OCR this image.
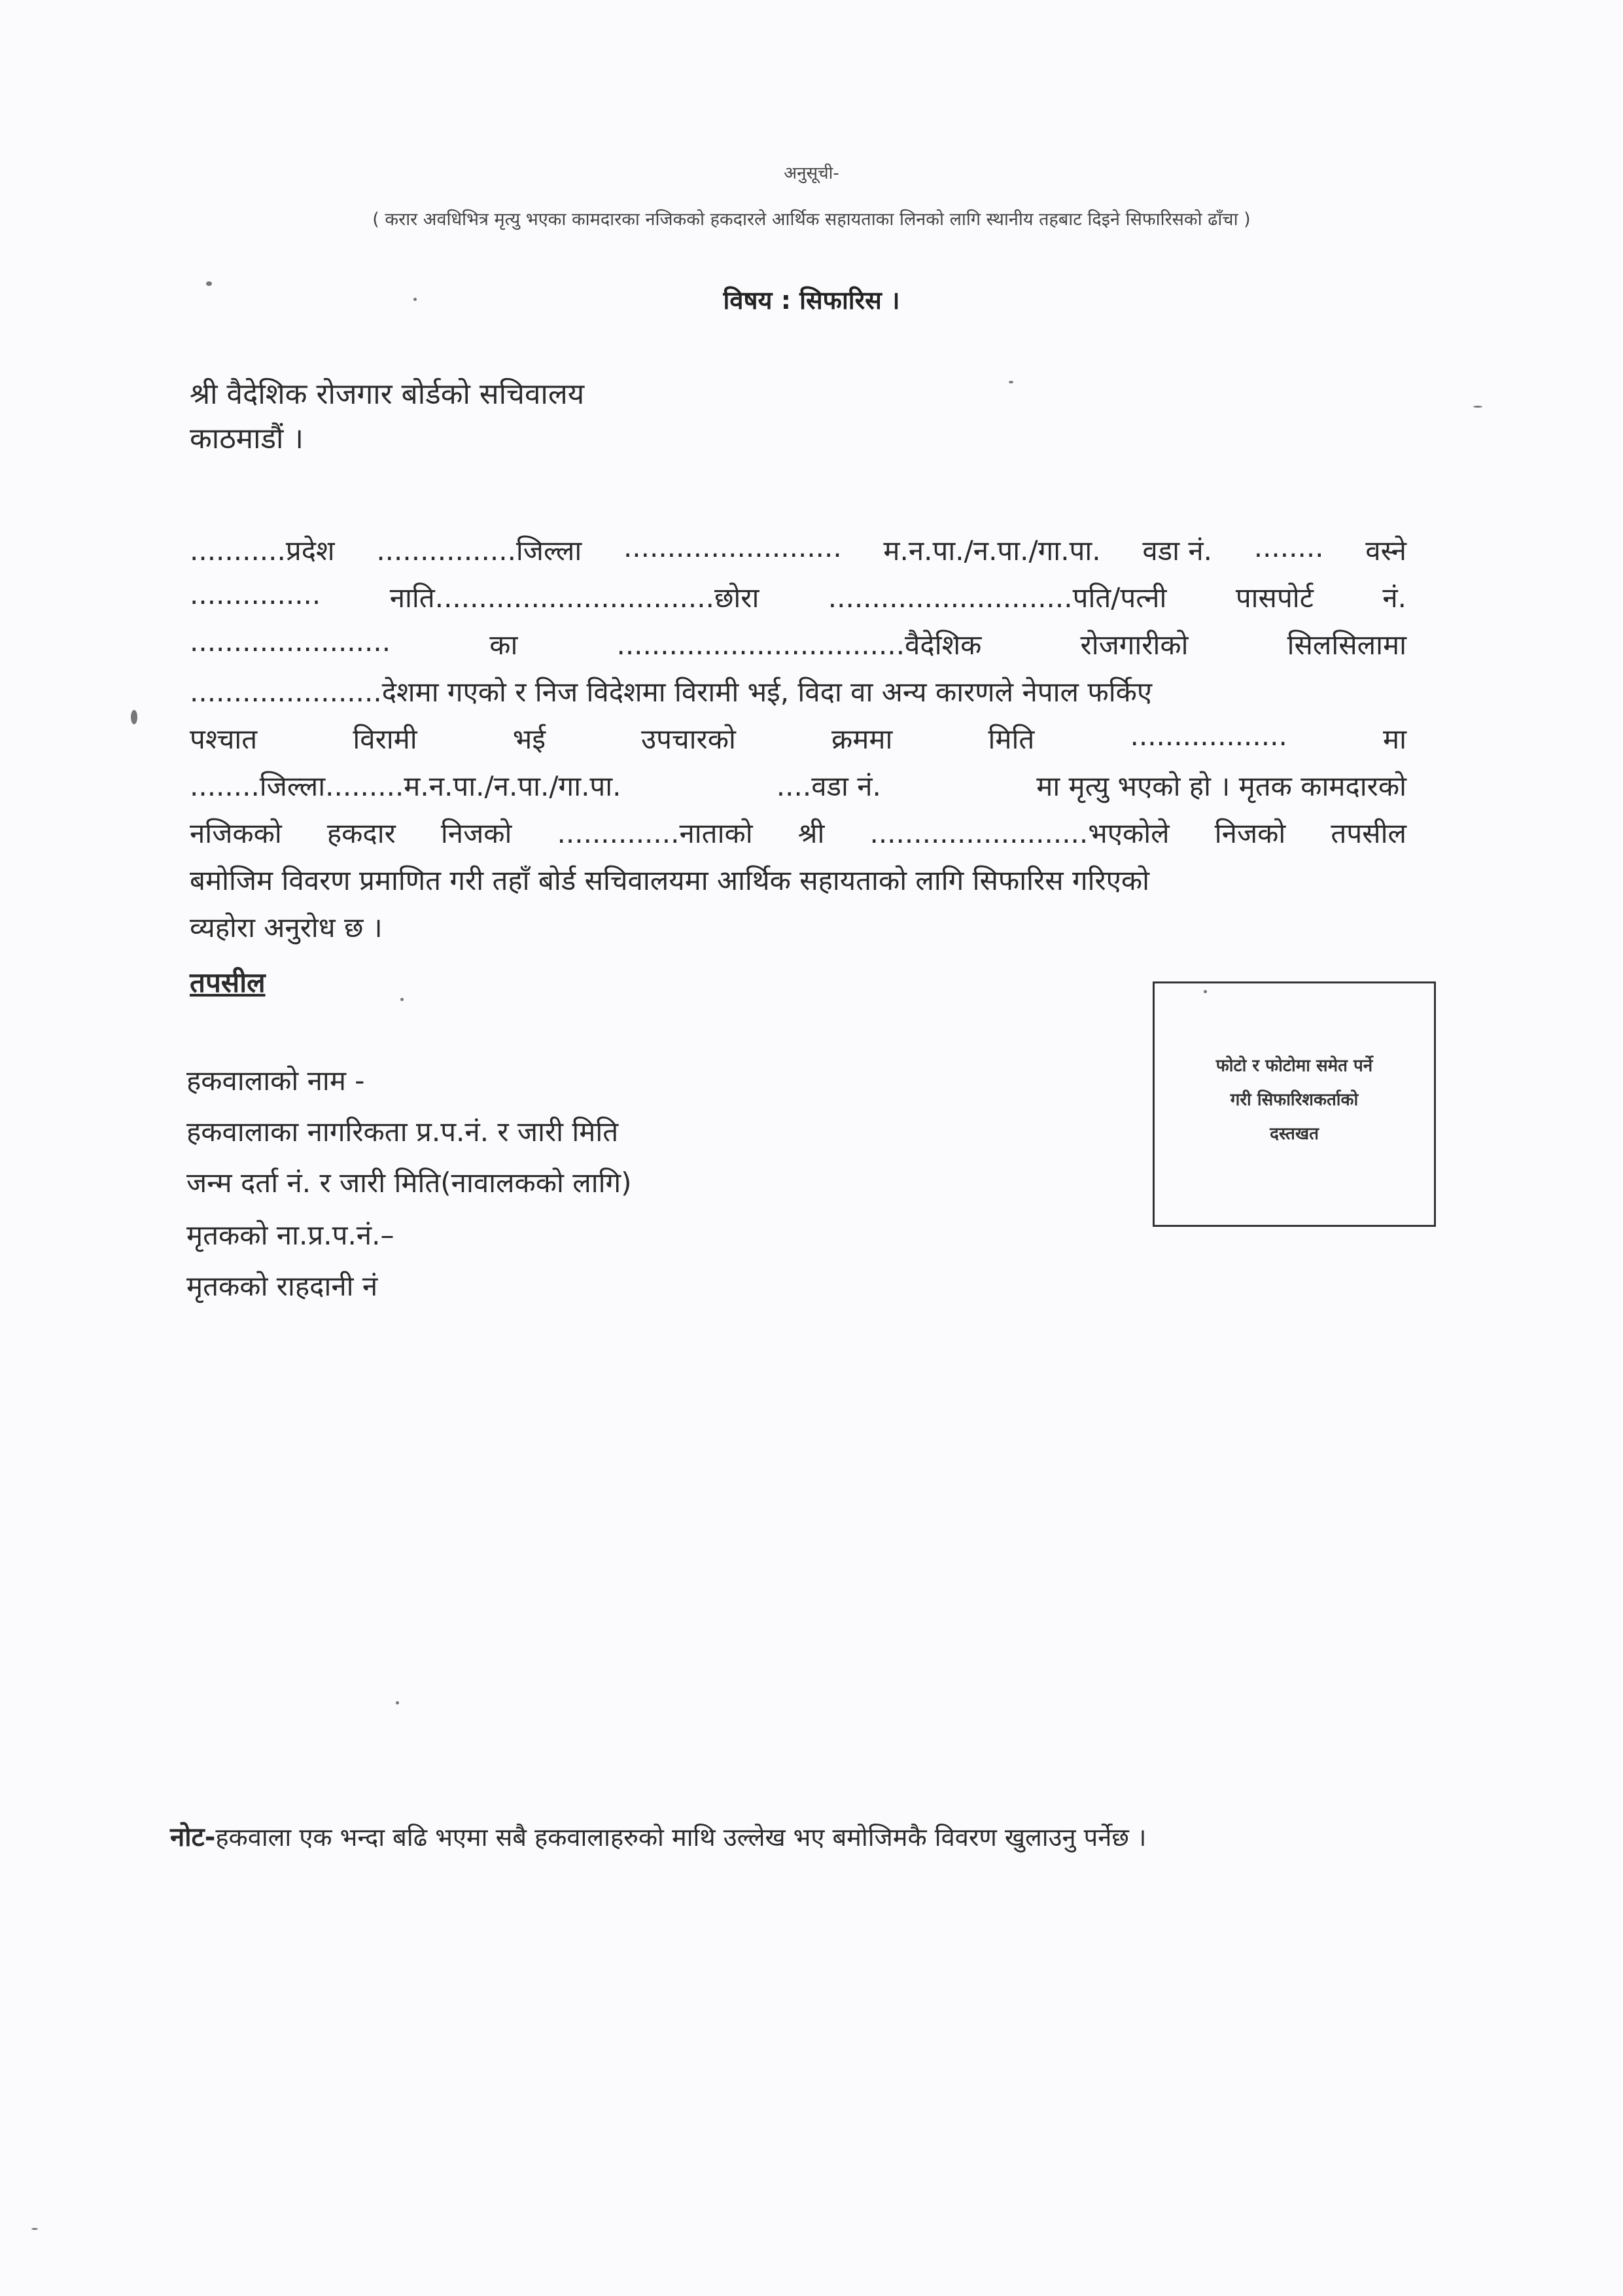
अनुसूची-
( करार अवधिभित्र मृत्यु भएका कामदारका नजिकको हकदारले आर्थिक सहायताका लिनको लागि स्थानीय तहबाट दिइने सिफारिसको ढाँचा )
विषय : सिफारिस ।
श्री वैदेशिक रोजगार बोर्डको सचिवालय
काठमाडौं ।
...........प्रदेश ................जिल्ला ......................... म.न.पा./न.पा./गा.पा. वडा नं. ........ वस्ने
...............	नाति................................छोरा	............................पति/पत्नी	पासपोर्ट	नं.
.......................	का	.................................वैदेशिक	रोजगारीको	सिलसिलामा
......................देशमा गएको र निज विदेशमा विरामी भई, विदा वा अन्य कारणले नेपाल फर्किए
पश्चात	विरामी	भई	उपचारको	क्रममा	मिति	..................	मा
........जिल्ला.........म.न.पा./न.पा./गा.पा.	....वडा नं.	मा मृत्यु भएको हो । मृतक कामदारको
नजिकको हकदार निजको ..............नाताको श्री .........................भएकोले निजको तपसील
बमोजिम विवरण प्रमाणित गरी तहाँ बोर्ड सचिवालयमा आर्थिक सहायताको लागि सिफारिस गरिएको
व्यहोरा अनुरोध छ ।
तपसील
हकवालाको नाम -
हकवालाका नागरिकता प्र.प.नं. र जारी मिति
जन्म दर्ता नं. र जारी मिति(नावालकको लागि)
मृतकको ना.प्र.प.नं.–
मृतकको राहदानी नं
फोटो र फोटोमा समेत पर्ने
गरी सिफारिशकर्ताको
दस्तखत
नोट-हकवाला एक भन्दा बढि भएमा सबै हकवालाहरुको माथि उल्लेख भए बमोजिमकै विवरण खुलाउनु पर्नेछ ।
